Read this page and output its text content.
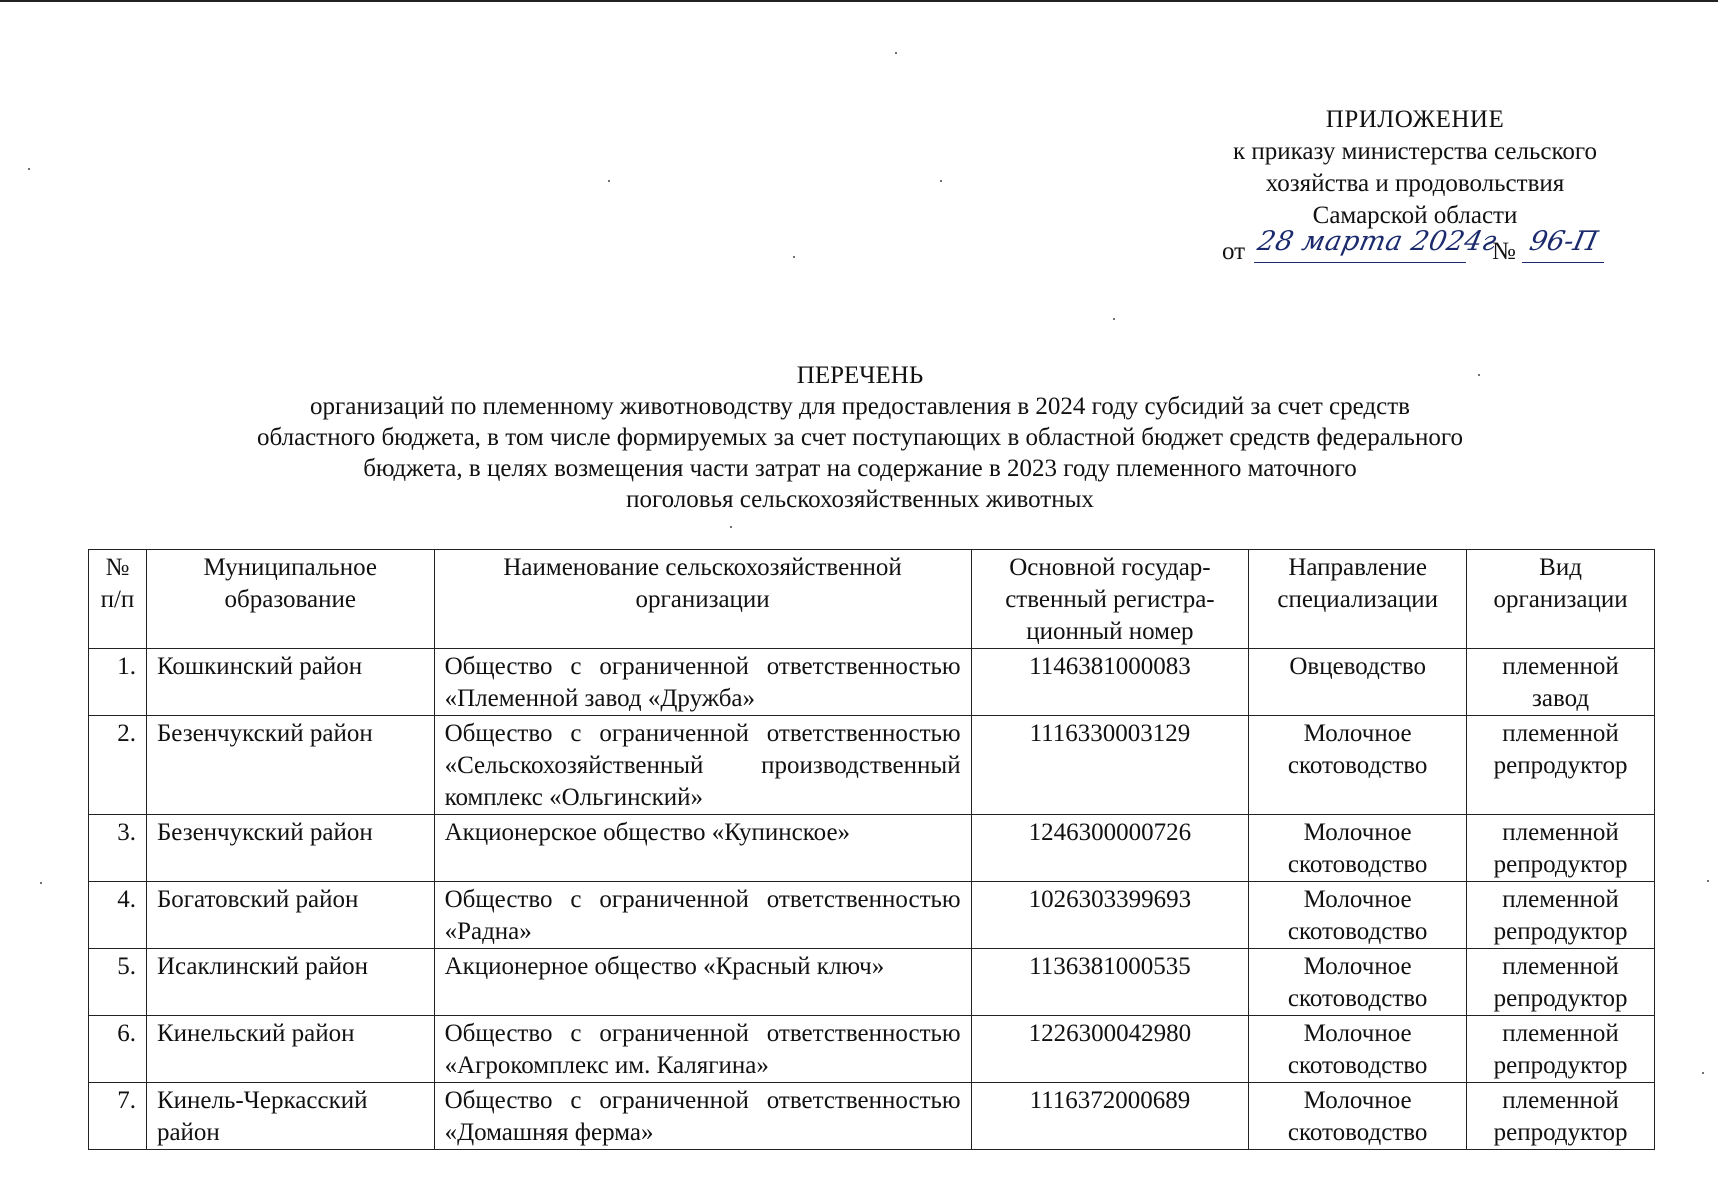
ПРИЛОЖЕНИЕ
к приказу министерства сельского
хозяйства и продовольствия
Самарской области
от 28 марта 2024г
№ 96-П
ПЕРЕЧЕНЬ
организаций по племенному животноводству для предоставления в 2024 году субсидий за счет средств
областного бюджета, в том числе формируемых за счет поступающих в областной бюджет средств федерального
бюджета, в целях возмещения части затрат на содержание в 2023 году племенного маточного
поголовья сельскохозяйственных животных
№ п/п	Муниципальное образование	Наименование сельскохозяйственной организации	Основной государ-ственный регистра-ционный номер	Направление специализации	Вид организации
1.	Кошкинский район	Общество с ограниченной ответственностью «Племенной завод «Дружба»	1146381000083	Овцеводство	племенной завод
2.	Безенчукский район	Общество с ограниченной ответственностью «Сельскохозяйственный производственный комплекс «Ольгинский»	1116330003129	Молочное скотоводство	племенной репродуктор
3.	Безенчукский район	Акционерское общество «Купинское»	1246300000726	Молочное скотоводство	племенной репродуктор
4.	Богатовский район	Общество с ограниченной ответственностью «Радна»	1026303399693	Молочное скотоводство	племенной репродуктор
5.	Исаклинский район	Акционерное общество «Красный ключ»	1136381000535	Молочное скотоводство	племенной репродуктор
6.	Кинельский район	Общество с ограниченной ответственностью «Агрокомплекс им. Калягина»	1226300042980	Молочное скотоводство	племенной репродуктор
7.	Кинель-Черкасский район	Общество с ограниченной ответственностью «Домашняя ферма»	1116372000689	Молочное скотоводство	племенной репродуктор
